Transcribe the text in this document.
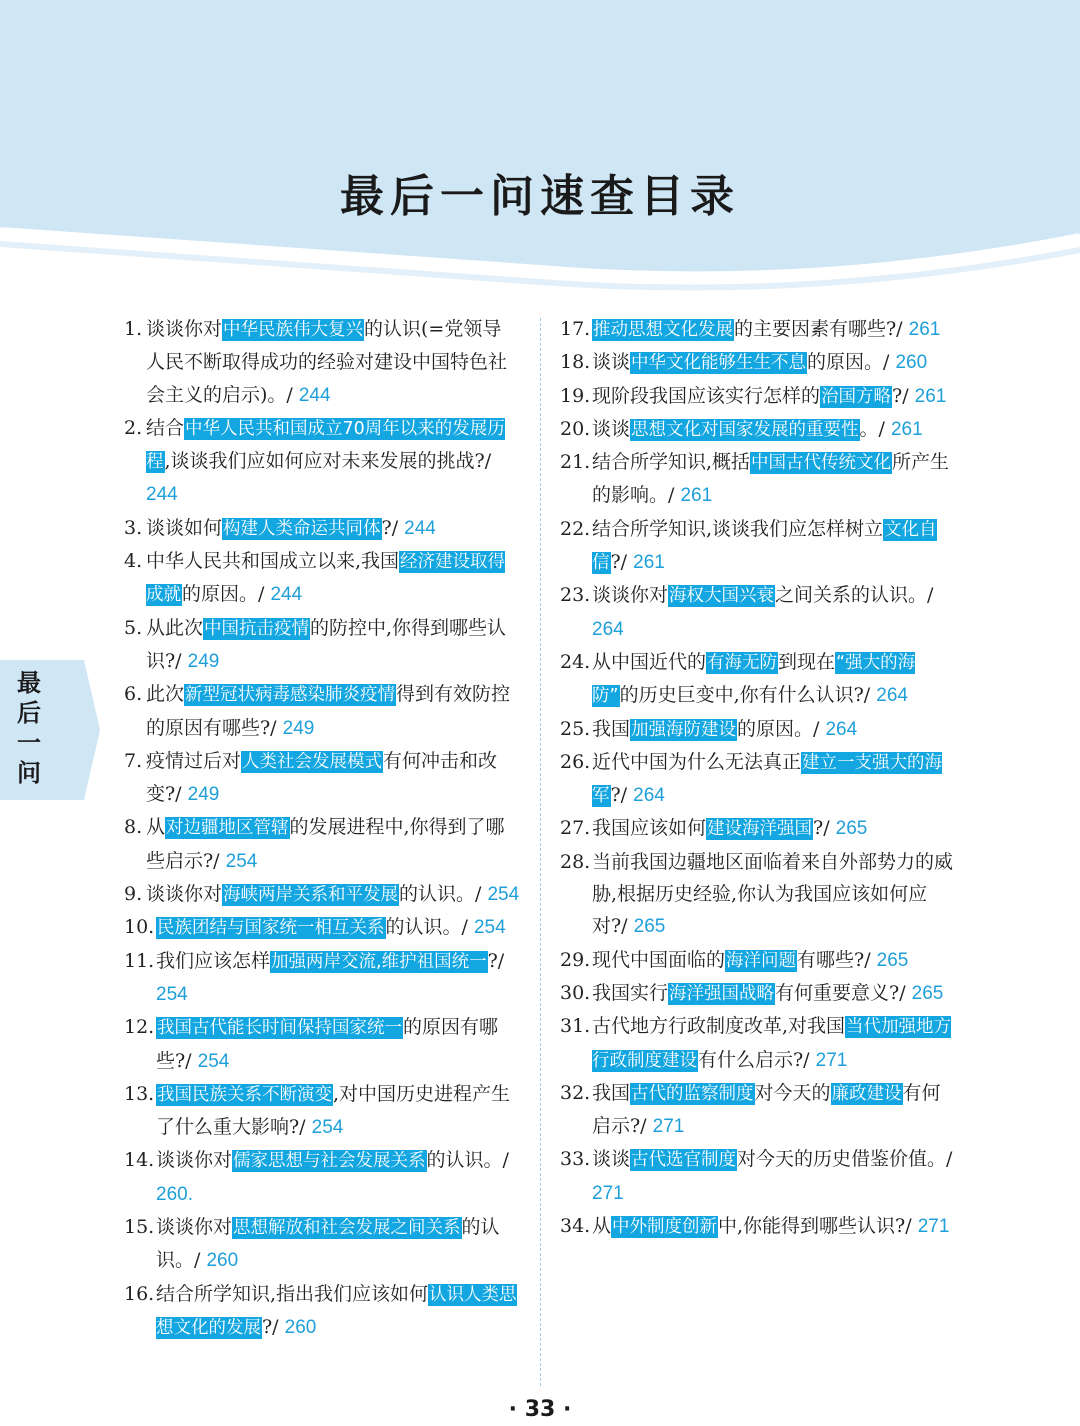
最后一问速查目录
最后一问
1. 谈谈你对中华民族伟大复兴的认识(=党领导人民不断取得成功的经验对建设中国特色社会主义的启示)。/ 244
2. 结合中华人民共和国成立70周年以来的发展历程,谈谈我们应如何应对未来发展的挑战?/ 244
3. 谈谈如何构建人类命运共同体?/ 244
4. 中华人民共和国成立以来,我国经济建设取得成就的原因。/ 244
5. 从此次中国抗击疫情的防控中,你得到哪些认识?/ 249
6. 此次新型冠状病毒感染肺炎疫情得到有效防控的原因有哪些?/ 249
7. 疫情过后对人类社会发展模式有何冲击和改变?/ 249
8. 从对边疆地区管辖的发展进程中,你得到了哪些启示?/ 254
9. 谈谈你对海峡两岸关系和平发展的认识。/ 254
10. 民族团结与国家统一相互关系的认识。/ 254
11. 我们应该怎样加强两岸交流,维护祖国统一?/ 254
12. 我国古代能长时间保持国家统一的原因有哪些?/ 254
13. 我国民族关系不断演变,对中国历史进程产生了什么重大影响?/ 254
14. 谈谈你对儒家思想与社会发展关系的认识。/ 260.
15. 谈谈你对思想解放和社会发展之间关系的认识。/ 260
16. 结合所学知识,指出我们应该如何认识人类思想文化的发展?/ 260
17. 推动思想文化发展的主要因素有哪些?/ 261
18. 谈谈中华文化能够生生不息的原因。/ 260
19. 现阶段我国应该实行怎样的治国方略?/ 261
20. 谈谈思想文化对国家发展的重要性。/ 261
21. 结合所学知识,概括中国古代传统文化所产生的影响。/ 261
22. 结合所学知识,谈谈我们应怎样树立文化自信?/ 261
23. 谈谈你对海权大国兴衰之间关系的认识。/ 264
24. 从中国近代的有海无防到现在“强大的海防”的历史巨变中,你有什么认识?/ 264
25. 我国加强海防建设的原因。/ 264
26. 近代中国为什么无法真正建立一支强大的海军?/ 264
27. 我国应该如何建设海洋强国?/ 265
28. 当前我国边疆地区面临着来自外部势力的威胁,根据历史经验,你认为我国应该如何应对?/ 265
29. 现代中国面临的海洋问题有哪些?/ 265
30. 我国实行海洋强国战略有何重要意义?/ 265
31. 古代地方行政制度改革,对我国当代加强地方行政制度建设有什么启示?/ 271
32. 我国古代的监察制度对今天的廉政建设有何启示?/ 271
33. 谈谈古代选官制度对今天的历史借鉴价值。/ 271
34. 从中外制度创新中,你能得到哪些认识?/ 271
· 33 ·
